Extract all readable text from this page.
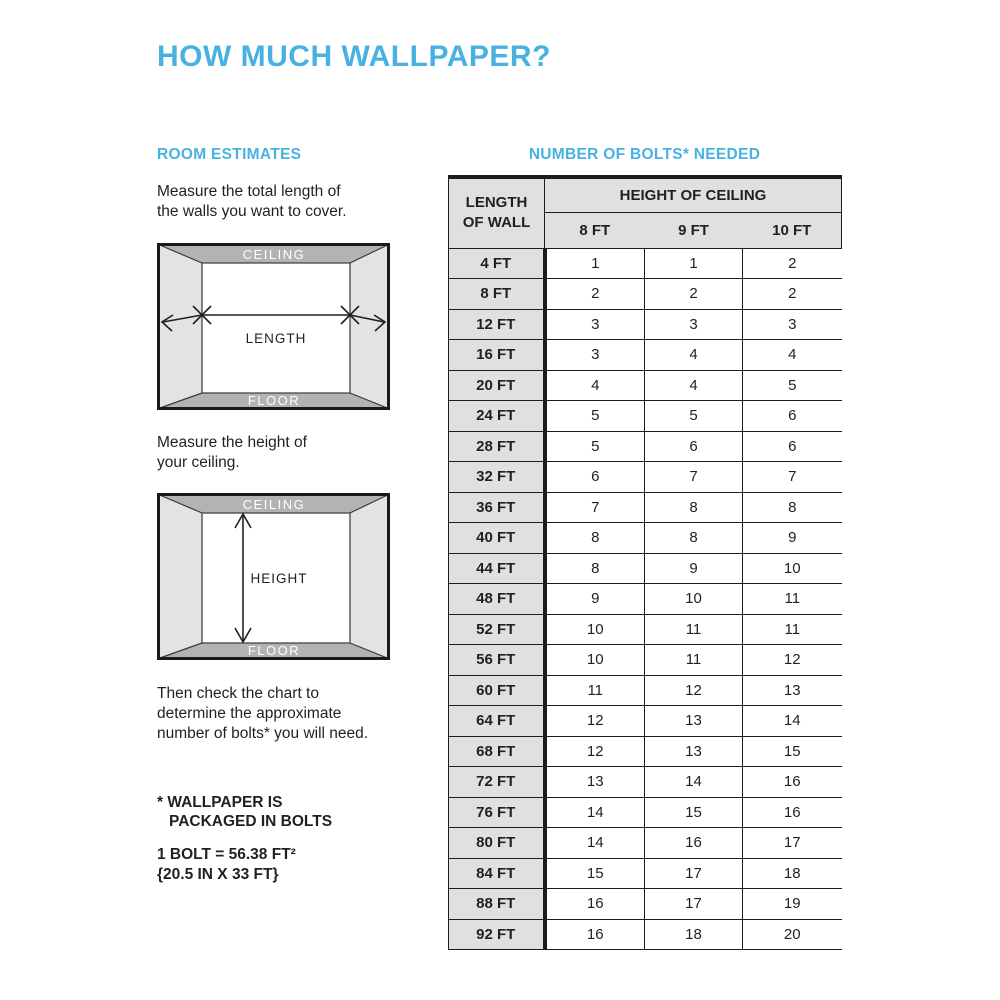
HOW MUCH WALLPAPER?
ROOM ESTIMATES

Measure the total length of
the walls you want to cover.

CEILING
FLOOR
LENGTH

Measure the height of
your ceiling.

HEIGHT
CEILING
FLOOR

Then check the chart to
determine the approximate
number of bolts* you will need.

* WALLPAPER IS
PACKAGED IN BOLTS
1 BOLT = 56.38 FT²
{20.5 IN X 33 FT}
NUMBER OF BOLTS* NEEDED
LENGTH
OF WALL	HEIGHT OF CEILING		
	8 FT	9 FT	10 FT
4 FT	1	1	2
8 FT	2	2	2
12 FT	3	3	3
16 FT	3	4	4
20 FT	4	4	5
24 FT	5	5	6
28 FT	5	6	6
32 FT	6	7	7
36 FT	7	8	8
40 FT	8	8	9
44 FT	8	9	10
48 FT	9	10	11
52 FT	10	11	11
56 FT	10	11	12
60 FT	11	12	13
64 FT	12	13	14
68 FT	12	13	15
72 FT	13	14	16
76 FT	14	15	16
80 FT	14	16	17
84 FT	15	17	18
88 FT	16	17	19
92 FT	16	18	20
